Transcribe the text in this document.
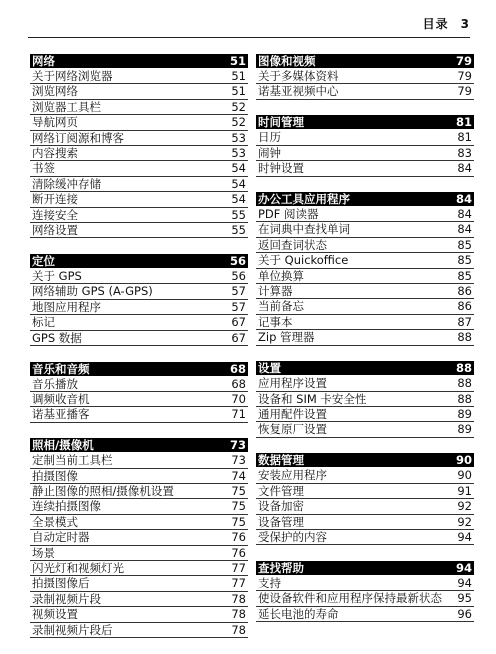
目录 3
网络	51
关于网络浏览器	51
浏览网络	51
浏览器工具栏	52
导航网页	52
网络订阅源和博客	53
内容搜索	53
书签	54
清除缓冲存储	54
断开连接	54
连接安全	55
网络设置	55
定位	56
关于 GPS	56
网络辅助 GPS (A-GPS)	57
地图应用程序	57
标记	67
GPS 数据	67
音乐和音频	68
音乐播放	68
调频收音机	70
诺基亚播客	71
照相/摄像机	73
定制当前工具栏	73
拍摄图像	74
静止图像的照相/摄像机设置	75
连续拍摄图像	75
全景模式	75
自动定时器	76
场景	76
闪光灯和视频灯光	77
拍摄图像后	77
录制视频片段	78
视频设置	78
录制视频片段后	78
图像和视频	79
关于多媒体资料	79
诺基亚视频中心	79
时间管理	81
日历	81
闹钟	83
时钟设置	84
办公工具应用程序	84
PDF 阅读器	84
在词典中查找单词	84
返回查词状态	85
关于 Quickoffice	85
单位换算	85
计算器	86
当前备忘	86
记事本	87
Zip 管理器	88
设置	88
应用程序设置	88
设备和 SIM 卡安全性	88
通用配件设置	89
恢复原厂设置	89
数据管理	90
安装应用程序	90
文件管理	91
设备加密	92
设备管理	92
受保护的内容	94
查找帮助	94
支持	94
使设备软件和应用程序保持最新状态	95
延长电池的寿命	96
